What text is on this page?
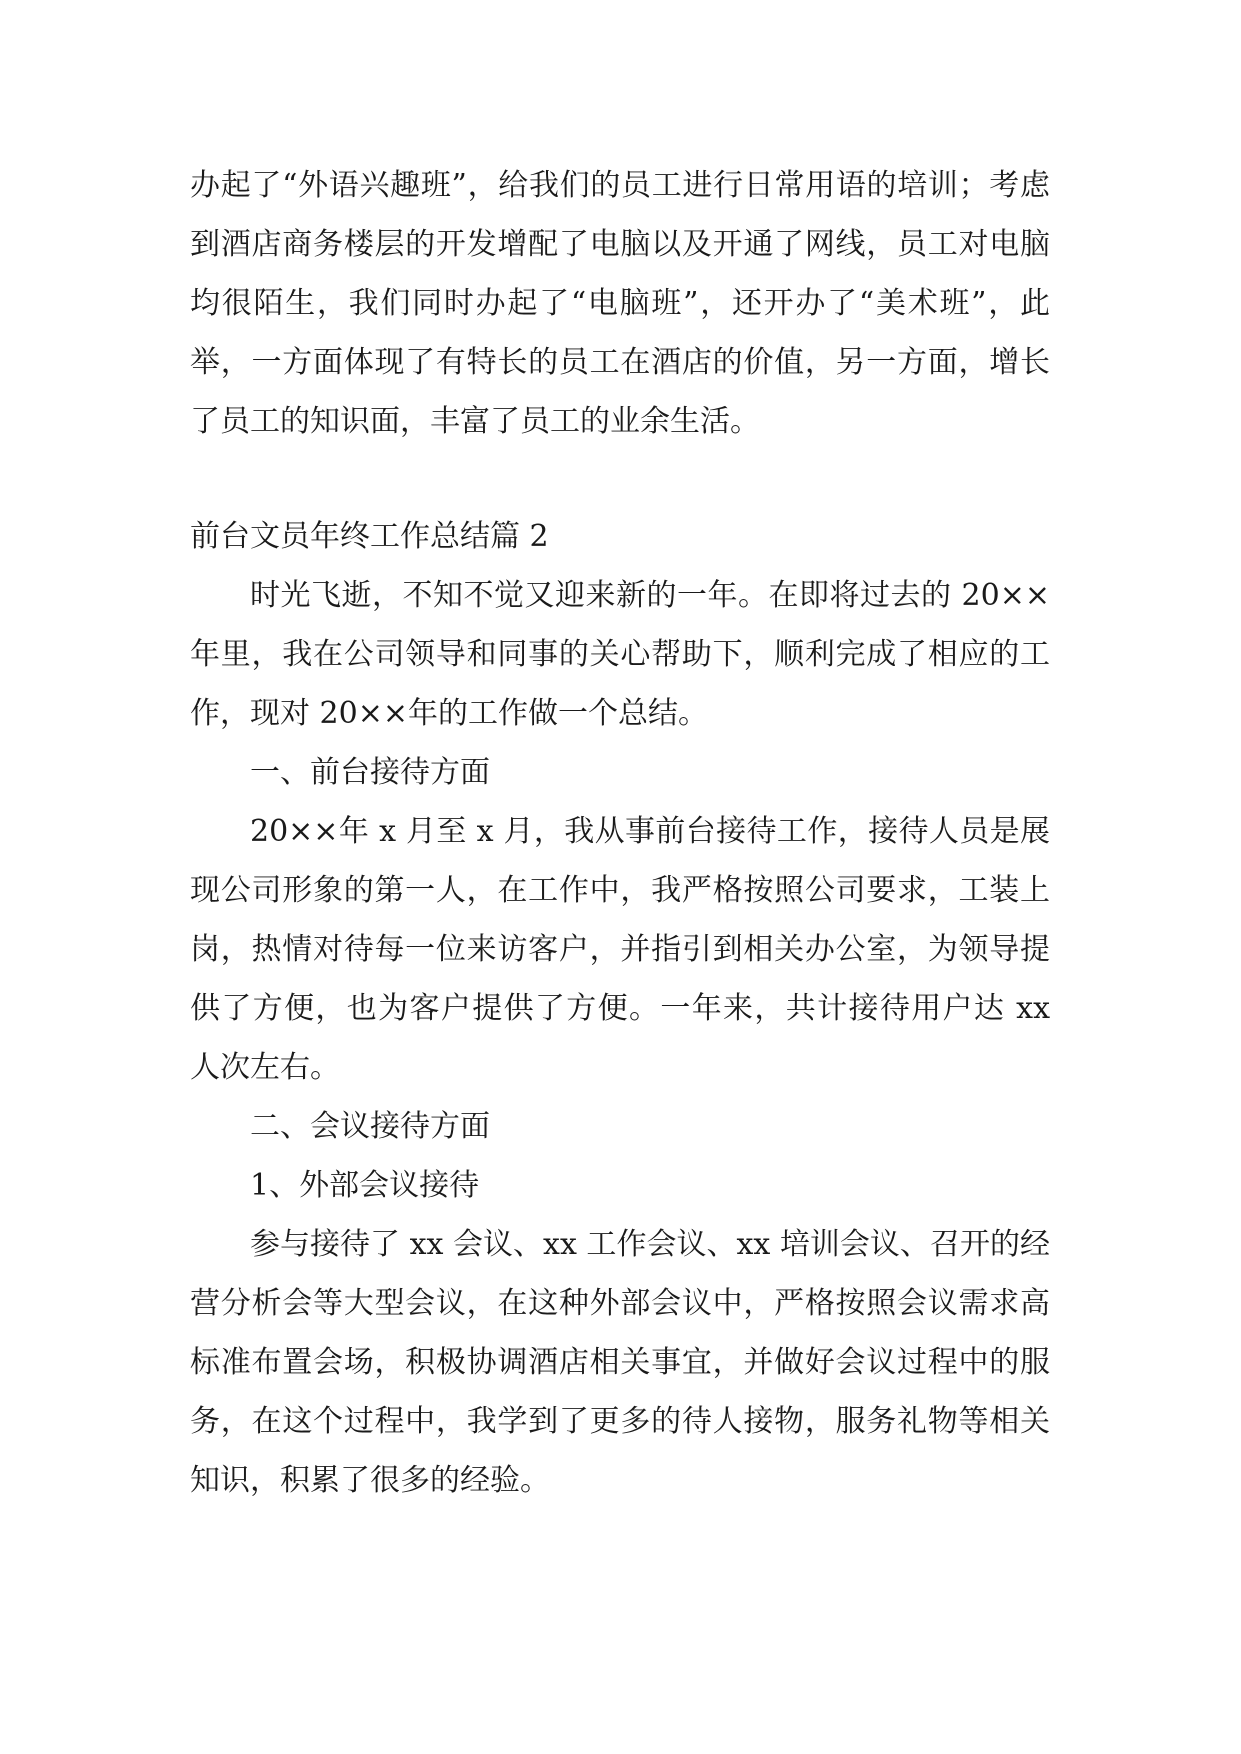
办起了“外语兴趣班”，给我们的员工进行日常用语的培训；考虑到酒店商务楼层的开发增配了电脑以及开通了网线，员工对电脑均很陌生，我们同时办起了“电脑班”，还开办了“美术班”，此举，一方面体现了有特长的员工在酒店的价值，另一方面，增长了员工的知识面，丰富了员工的业余生活。

前台文员年终工作总结篇 2

时光飞逝，不知不觉又迎来新的一年。在即将过去的 20××年里，我在公司领导和同事的关心帮助下，顺利完成了相应的工作，现对 20××年的工作做一个总结。

一、前台接待方面

20××年 x 月至 x 月，我从事前台接待工作，接待人员是展现公司形象的第一人，在工作中，我严格按照公司要求，工装上岗，热情对待每一位来访客户，并指引到相关办公室，为领导提供了方便，也为客户提供了方便。一年来，共计接待用户达 xx 人次左右。

二、会议接待方面

1、外部会议接待

参与接待了 xx 会议、xx 工作会议、xx 培训会议、召开的经营分析会等大型会议，在这种外部会议中，严格按照会议需求高标准布置会场，积极协调酒店相关事宜，并做好会议过程中的服务，在这个过程中，我学到了更多的待人接物，服务礼物等相关知识，积累了很多的经验。
